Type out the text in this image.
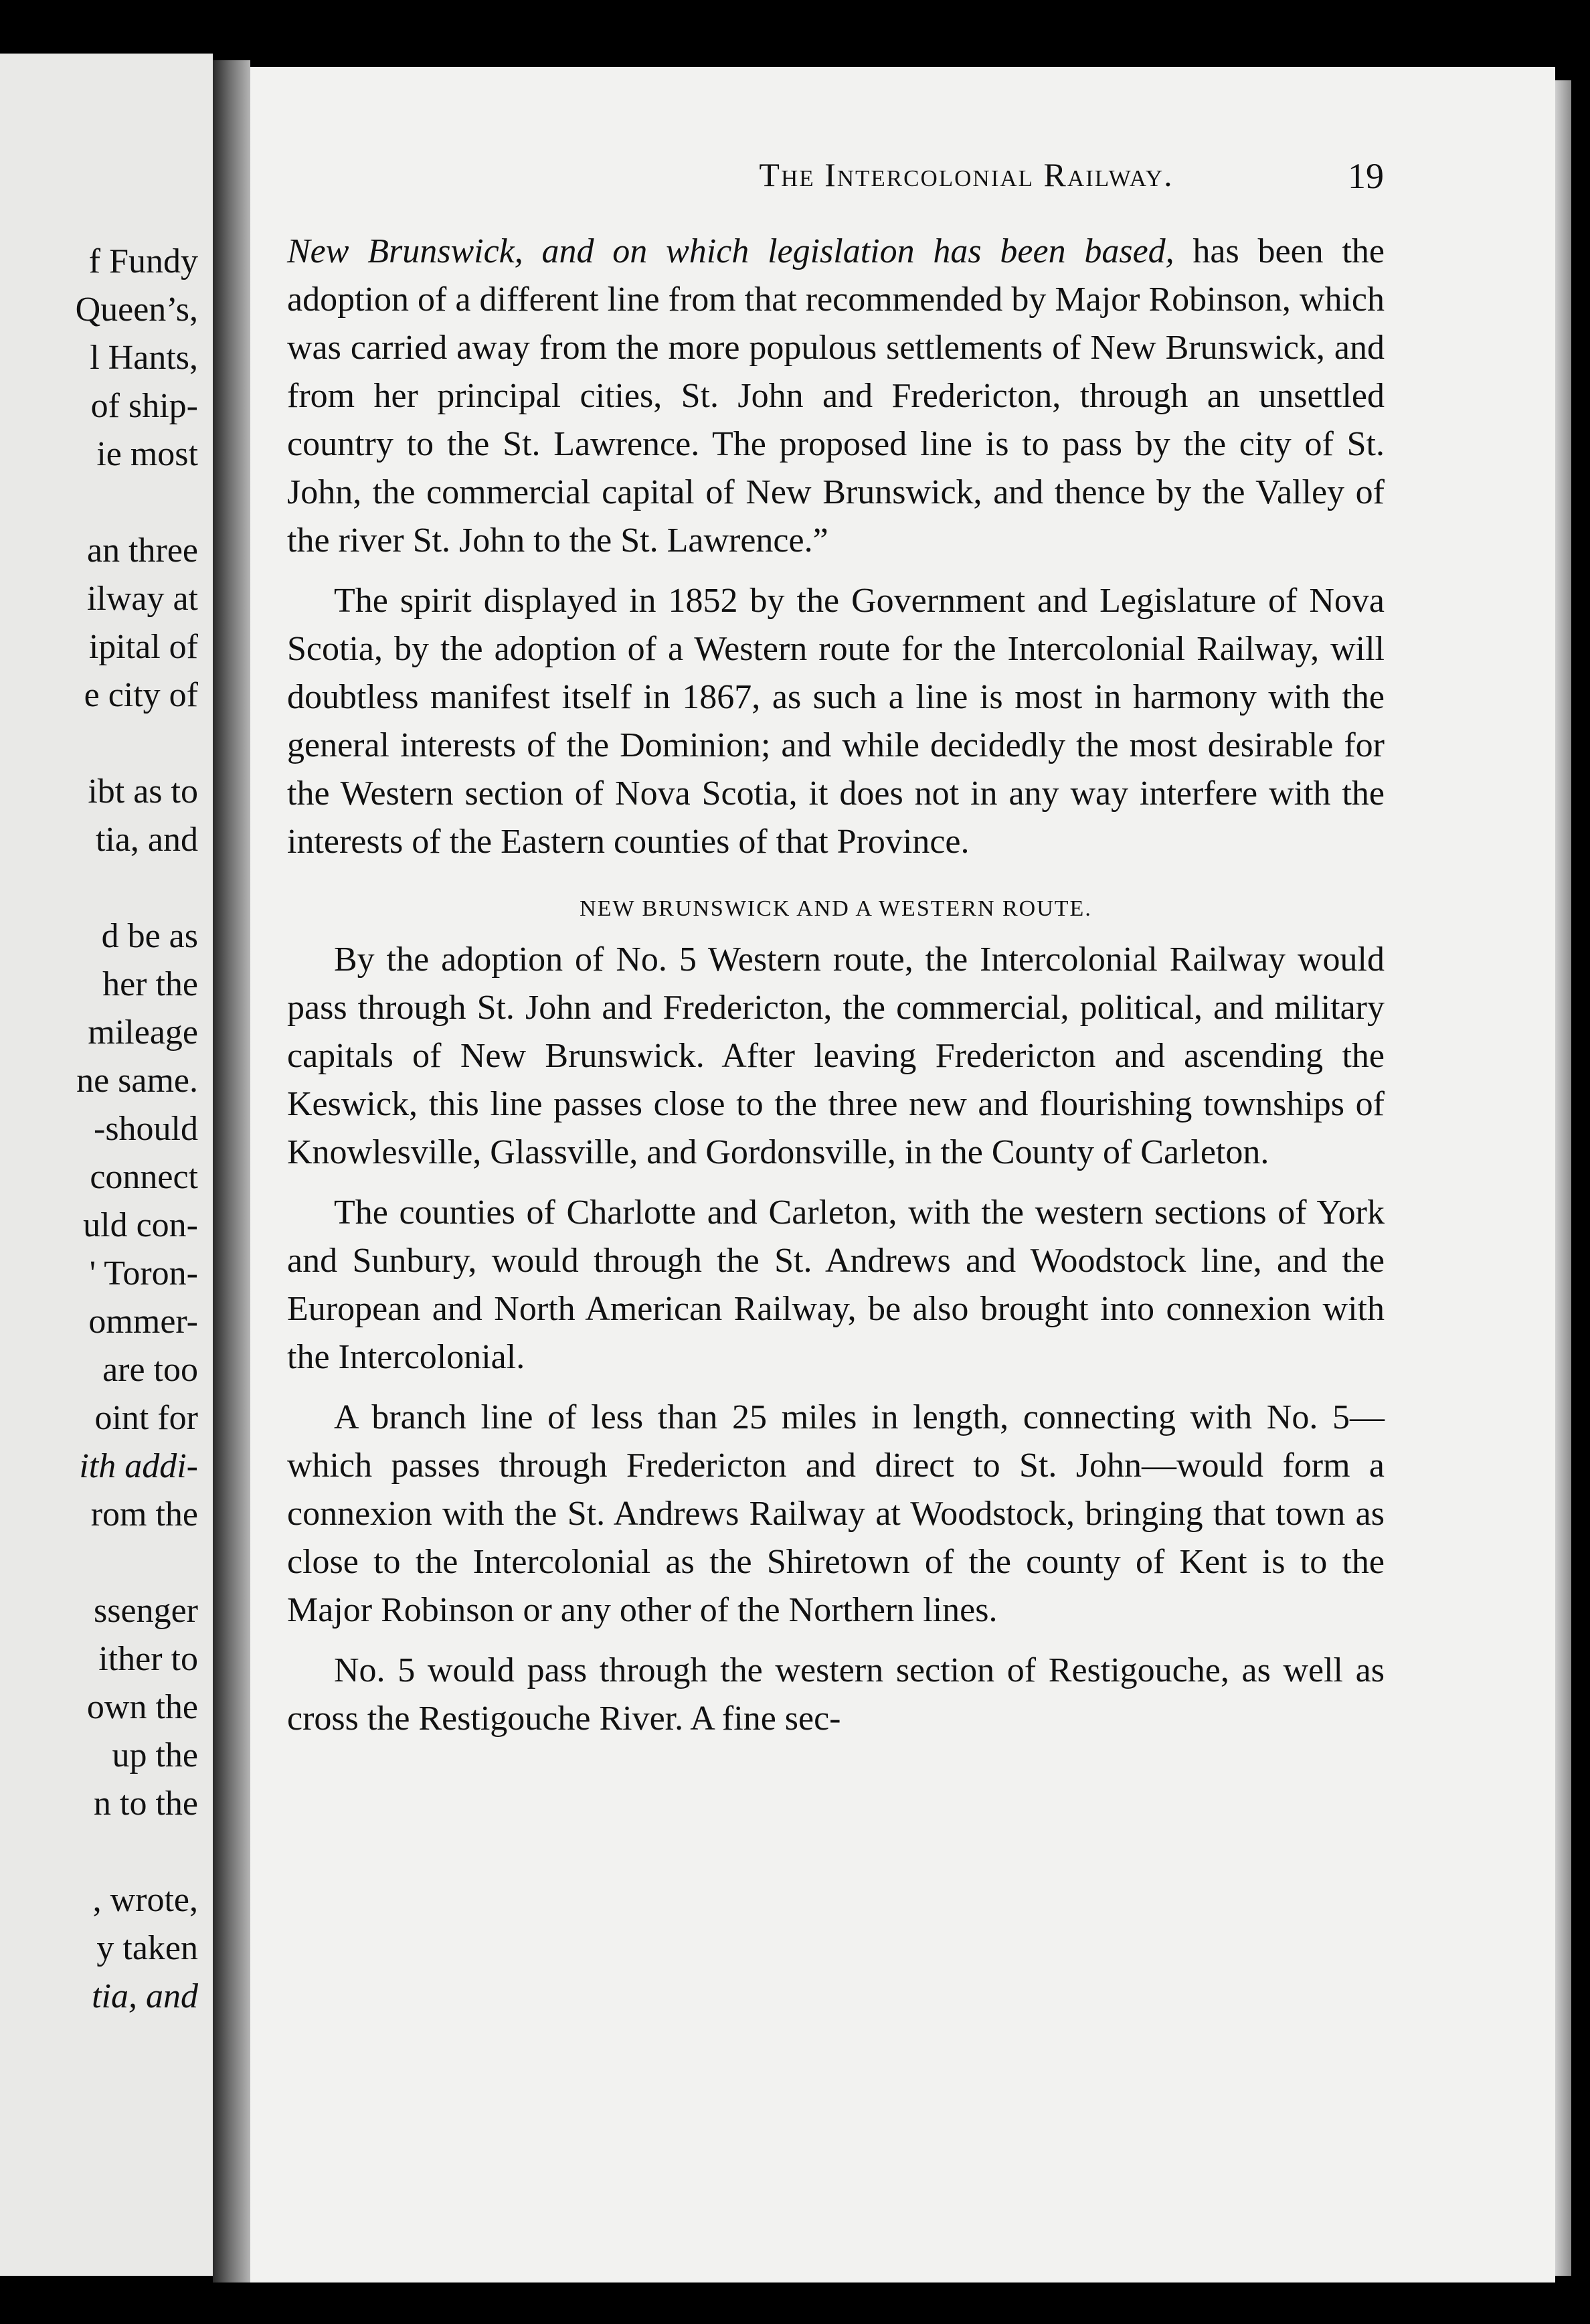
f Fundy
Queen’s,
l Hants,
of ship-
ie most
an three
ilway at
ipital of
e city of
ibt as to
tia, and
d be as
her the
mileage
ne same.
-should
connect
uld con-
' Toron-
ommer-
are too
oint for
ith addi-
rom the
ssenger
ither to
own the
up the
n to the
, wrote,
y taken
tia, and
The Intercolonial Railway.	19

New Brunswick, and on which legislation has been based, has been the adoption of a different line from that recommended by Major Robinson, which was carried away from the more populous settlements of New Brunswick, and from her principal cities, St. John and Fredericton, through an unsettled country to the St. Lawrence. The proposed line is to pass by the city of St. John, the commercial capital of New Brunswick, and thence by the Valley of the river St. John to the St. Lawrence.”

The spirit displayed in 1852 by the Government and Legislature of Nova Scotia, by the adoption of a Western route for the Intercolonial Railway, will doubtless manifest itself in 1867, as such a line is most in harmony with the general interests of the Dominion; and while decidedly the most desirable for the Western section of Nova Scotia, it does not in any way interfere with the interests of the Eastern counties of that Province.

NEW BRUNSWICK AND A WESTERN ROUTE.

By the adoption of No. 5 Western route, the Intercolonial Railway would pass through St. John and Fredericton, the commercial, political, and military capitals of New Brunswick. After leaving Fredericton and ascending the Keswick, this line passes close to the three new and flourishing townships of Knowlesville, Glassville, and Gordonsville, in the County of Carleton.

The counties of Charlotte and Carleton, with the western sections of York and Sunbury, would through the St. Andrews and Woodstock line, and the European and North American Railway, be also brought into connexion with the Intercolonial.

A branch line of less than 25 miles in length, connecting with No. 5—which passes through Fredericton and direct to St. John—would form a connexion with the St. Andrews Railway at Woodstock, bringing that town as close to the Intercolonial as the Shiretown of the county of Kent is to the Major Robinson or any other of the Northern lines.

No. 5 would pass through the western section of Restigouche, as well as cross the Restigouche River. A fine sec-
